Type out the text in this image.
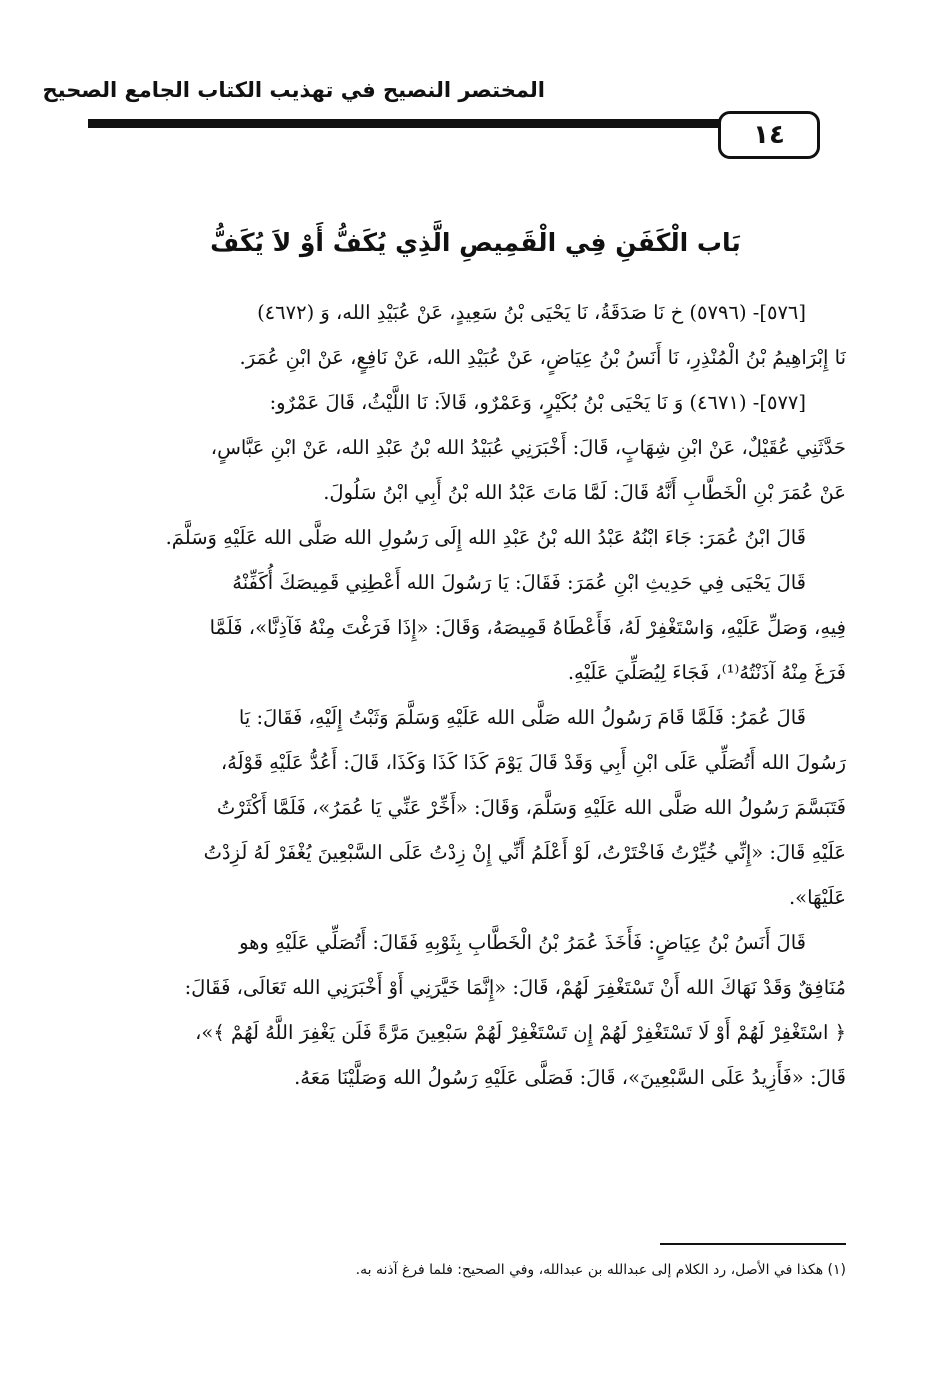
المختصر النصيح في تهذيب الكتاب الجامع الصحيح
١٤
بَاب الْكَفَنِ فِي الْقَمِيصِ الَّذِي يُكَفُّ أَوْ لاَ يُكَفُّ
[٥٧٦]- (٥٧٩٦) خ نَا صَدَقَةُ، نَا يَحْيَى بْنُ سَعِيدٍ، عَنْ عُبَيْدِ الله، وَ (٤٦٧٢)
نَا إِبْرَاهِيمُ بْنُ الْمُنْذِرِ، نَا أَنَسُ بْنُ عِيَاضٍ، عَنْ عُبَيْدِ الله، عَنْ نَافِعٍ، عَنْ ابْنِ عُمَرَ.
[٥٧٧]- (٤٦٧١) وَ نَا يَحْيَى بْنُ بُكَيْرٍ، وَعَمْرٌو، قَالاَ: نَا اللَّيْثُ، قَالَ عَمْرٌو:
حَدَّثَنِي عُقَيْلٌ، عَنْ ابْنِ شِهَابٍ، قَالَ: أَخْبَرَنِي عُبَيْدُ الله بْنُ عَبْدِ الله، عَنْ ابْنِ عَبَّاسٍ،
عَنْ عُمَرَ بْنِ الْخَطَّابِ أَنَّهُ قَالَ: لَمَّا مَاتَ عَبْدُ الله بْنُ أَبِي ابْنُ سَلُولَ.
قَالَ ابْنُ عُمَرَ: جَاءَ ابْنُهُ عَبْدُ الله بْنُ عَبْدِ الله إِلَى رَسُولِ الله صَلَّى الله عَلَيْهِ وَسَلَّمَ.
قَالَ يَحْيَى فِي حَدِيثِ ابْنِ عُمَرَ: فَقَالَ: يَا رَسُولَ الله أَعْطِنِي قَمِيصَكَ أُكَفِّنْهُ
فِيهِ، وَصَلِّ عَلَيْهِ، وَاسْتَغْفِرْ لَهُ، فَأَعْطَاهُ قَمِيصَهُ، وَقَالَ: «إِذَا فَرَغْتَ مِنْهُ فَآذِنَّا»، فَلَمَّا
فَرَغَ مِنْهُ آذَنْتُهُ⁽¹⁾، فَجَاءَ لِيُصَلِّيَ عَلَيْهِ.
قَالَ عُمَرُ: فَلَمَّا قَامَ رَسُولُ الله صَلَّى الله عَلَيْهِ وَسَلَّمَ وَثَبْتُ إِلَيْهِ، فَقَالَ: يَا
رَسُولَ الله أَتُصَلِّي عَلَى ابْنِ أَبِي وَقَدْ قَالَ يَوْمَ كَذَا كَذَا وَكَذَا، قَالَ: أَعُدُّ عَلَيْهِ قَوْلَهُ،
فَتَبَسَّمَ رَسُولُ الله صَلَّى الله عَلَيْهِ وَسَلَّمَ، وَقَالَ: «أَخِّرْ عَنِّي يَا عُمَرُ»، فَلَمَّا أَكْثَرْتُ
عَلَيْهِ قَالَ: «إِنِّي خُيِّرْتُ فَاخْتَرْتُ، لَوْ أَعْلَمُ أَنِّي إِنْ زِدْتُ عَلَى السَّبْعِينَ يُغْفَرْ لَهُ لَزِدْتُ
عَلَيْهَا».
قَالَ أَنَسُ بْنُ عِيَاضٍ: فَأَخَذَ عُمَرُ بْنُ الْخَطَّابِ بِثَوْبِهِ فَقَالَ: أَتُصَلِّي عَلَيْهِ وهو
مُنَافِقٌ وَقَدْ نَهَاكَ الله أَنْ تَسْتَغْفِرَ لَهُمْ، قَالَ: «إِنَّمَا خَيَّرَنِي أَوْ أَخْبَرَنِي الله تَعَالَى، فَقَالَ:
﴿ اسْتَغْفِرْ لَهُمْ أَوْ لَا تَسْتَغْفِرْ لَهُمْ إِن تَسْتَغْفِرْ لَهُمْ سَبْعِينَ مَرَّةً فَلَن يَغْفِرَ اللَّهُ لَهُمْ ﴾»،
قَالَ: «فَأَزِيدُ عَلَى السَّبْعِينَ»، قَالَ: فَصَلَّى عَلَيْهِ رَسُولُ الله وَصَلَّيْنَا مَعَهُ.
(١) هكذا في الأصل، رد الكلام إلى عبدالله بن عبدالله، وفي الصحيح: فلما فرغ آذنه به.
